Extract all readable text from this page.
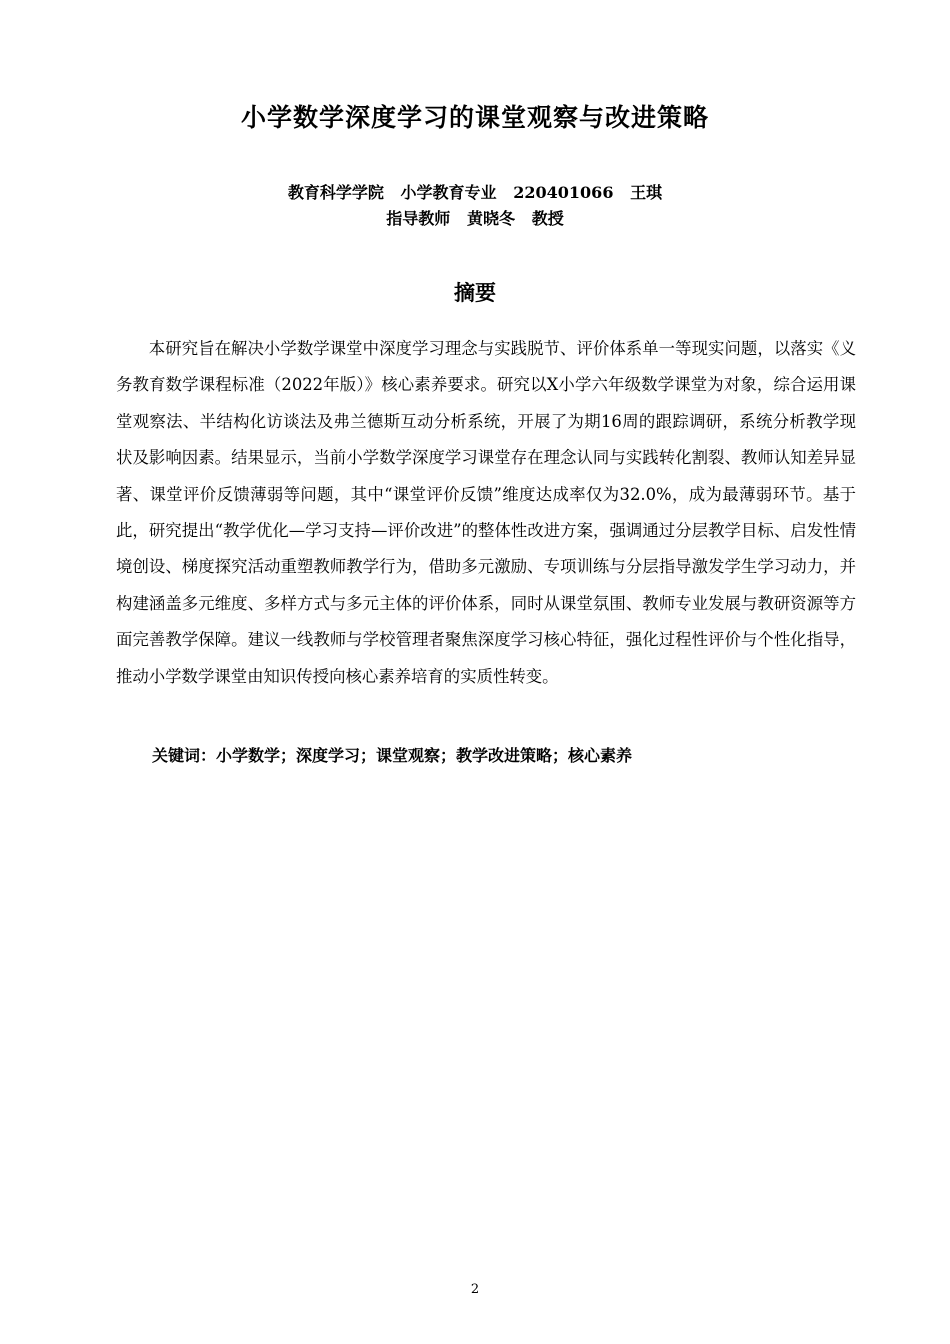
小学数学深度学习的课堂观察与改进策略
教育科学学院   小学教育专业   220401066   王琪
指导教师   黄晓冬   教授
摘要

本研究旨在解决小学数学课堂中深度学习理念与实践脱节、评价体系单一等现实问题，以落实《义务教育数学课程标准（2022年版）》核心素养要求。研究以X小学六年级数学课堂为对象，综合运用课堂观察法、半结构化访谈法及弗兰德斯互动分析系统，开展了为期16周的跟踪调研，系统分析教学现状及影响因素。结果显示，当前小学数学深度学习课堂存在理念认同与实践转化割裂、教师认知差异显著、课堂评价反馈薄弱等问题，其中“课堂评价反馈”维度达成率仅为32.0%，成为最薄弱环节。基于此，研究提出“教学优化—学习支持—评价改进”的整体性改进方案，强调通过分层教学目标、启发性情境创设、梯度探究活动重塑教师教学行为，借助多元激励、专项训练与分层指导激发学生学习动力，并构建涵盖多元维度、多样方式与多元主体的评价体系，同时从课堂氛围、教师专业发展与教研资源等方面完善教学保障。建议一线教师与学校管理者聚焦深度学习核心特征，强化过程性评价与个性化指导，推动小学数学课堂由知识传授向核心素养培育的实质性转变。

关键词：小学数学；深度学习；课堂观察；教学改进策略；核心素养
2
